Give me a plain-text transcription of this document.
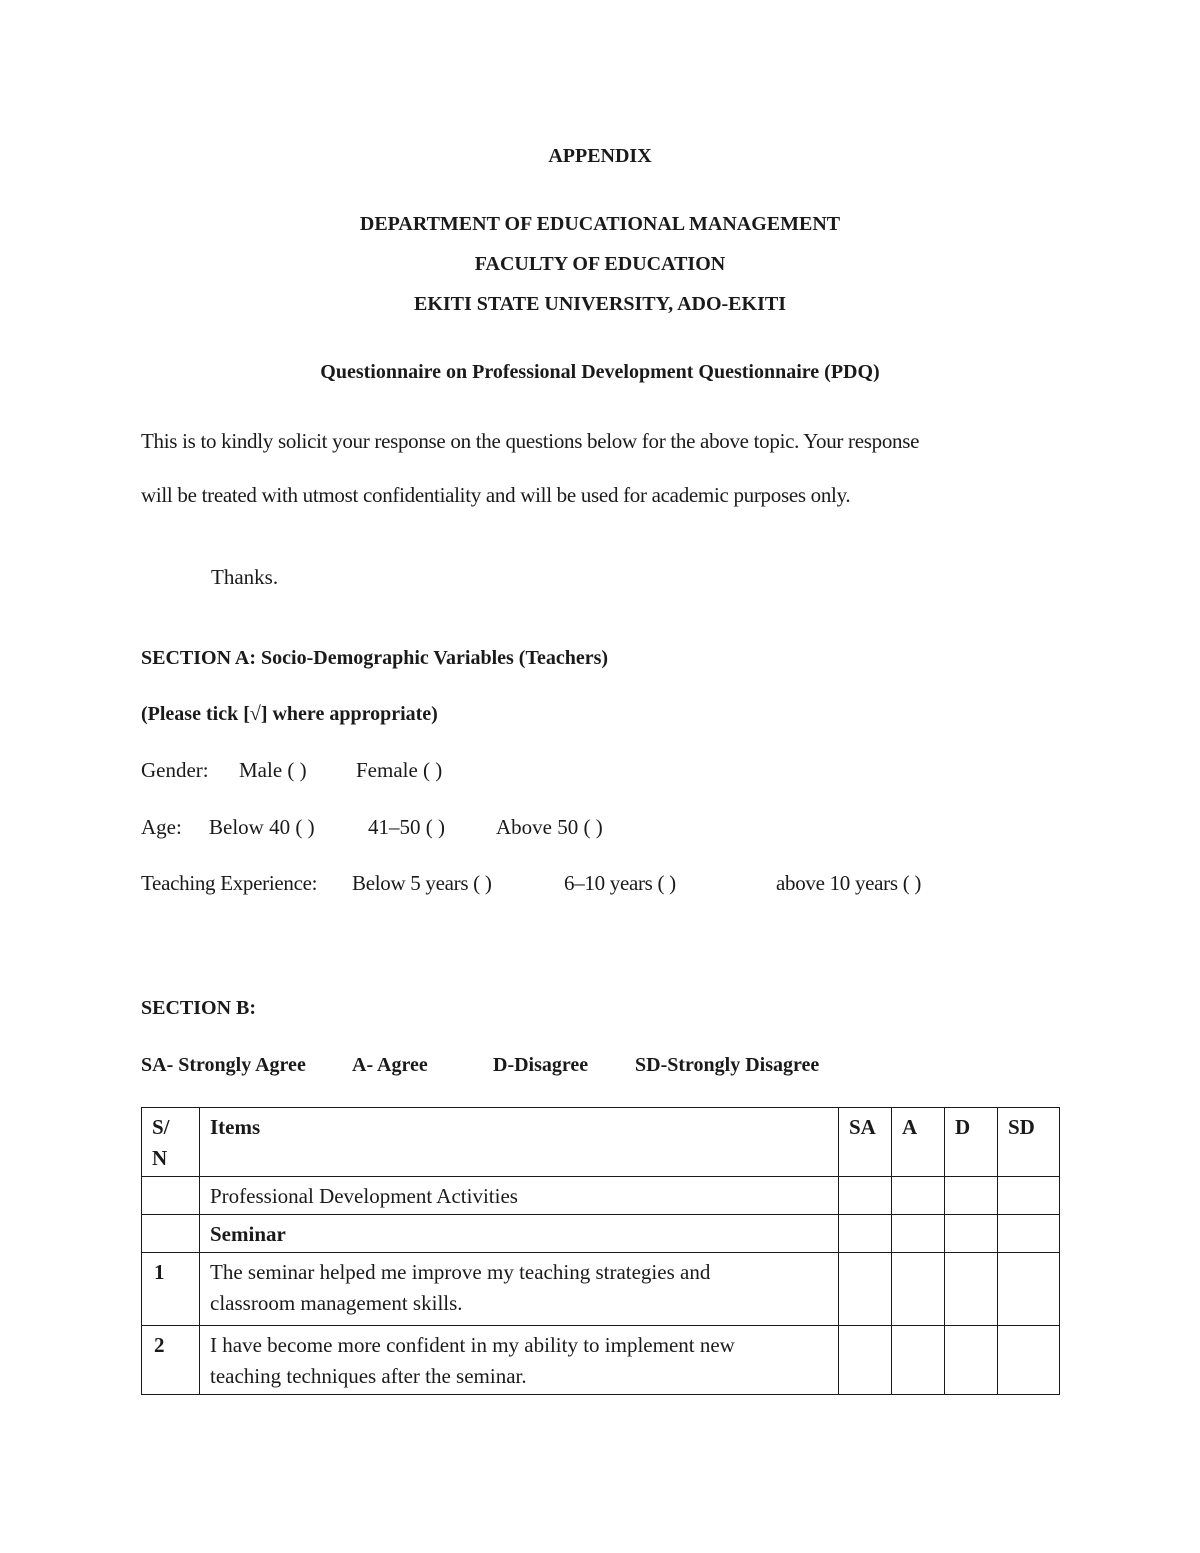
APPENDIX
DEPARTMENT OF EDUCATIONAL MANAGEMENT
FACULTY OF EDUCATION
EKITI STATE UNIVERSITY, ADO-EKITI
Questionnaire on Professional Development Questionnaire (PDQ)
This is to kindly solicit your response on the questions below for the above topic. Your response
will be treated with utmost confidentiality and will be used for academic purposes only.
Thanks.
SECTION A: Socio-Demographic Variables (Teachers)
(Please tick [√] where appropriate)
Gender: Male ( ) Female ( )
Age: Below 40 ( )	41–50 ( ) Above 50 ( )
Teaching Experience: Below 5 years ( )	6–10 years ( )	above 10 years ( )
SECTION B:
SA- Strongly Agree A- Agree	D-Disagree SD-Strongly Disagree
S/
N	Items	SA	A	D	SD
	Professional Development Activities				
	Seminar				
1	The seminar helped me improve my teaching strategies and
classroom management skills.				
2	I have become more confident in my ability to implement new
teaching techniques after the seminar.				
